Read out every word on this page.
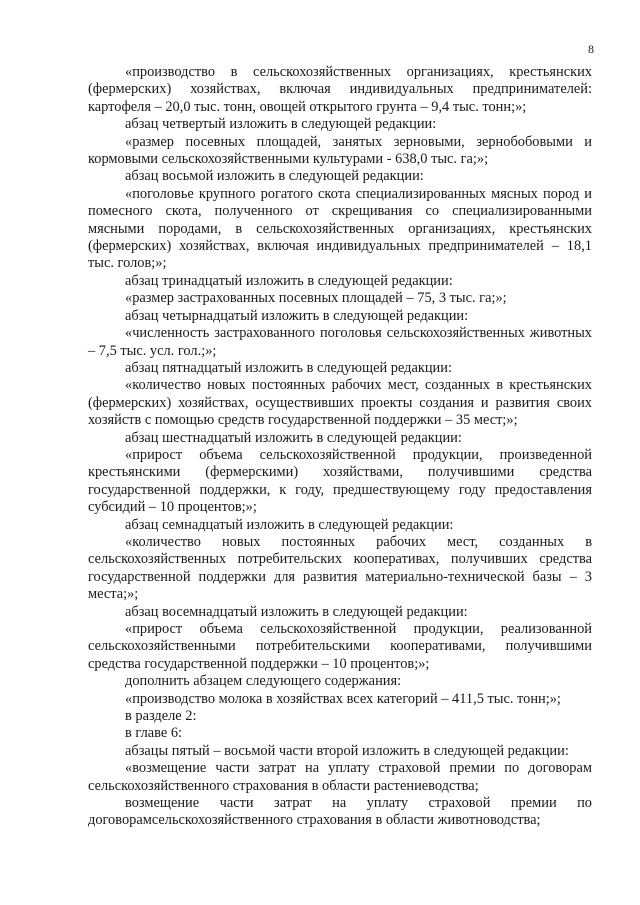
8

«производство в сельскохозяйственных организациях, крестьянских (фермерских) хозяйствах, включая индивидуальных предпринимателей: картофеля – 20,0 тыс. тонн, овощей открытого грунта – 9,4 тыс. тонн;»;

абзац четвертый изложить в следующей редакции:

«размер посевных площадей, занятых зерновыми, зернобобовыми и кормовыми сельскохозяйственными культурами - 638,0 тыс. га;»;

абзац восьмой изложить в следующей редакции:

«поголовье крупного рогатого скота специализированных мясных пород и помесного скота, полученного от скрещивания со специализированными мясными породами, в сельскохозяйственных организациях, крестьянских (фермерских) хозяйствах, включая индивидуальных предпринимателей – 18,1 тыс. голов;»;

абзац тринадцатый изложить в следующей редакции:

«размер застрахованных посевных площадей – 75, 3 тыс. га;»;

абзац четырнадцатый изложить в следующей редакции:

«численность застрахованного поголовья сельскохозяйственных животных – 7,5 тыс. усл. гол.;»;

абзац пятнадцатый изложить в следующей редакции:

«количество новых постоянных рабочих мест, созданных в крестьянских (фермерских) хозяйствах, осуществивших проекты создания и развития своих хозяйств с помощью средств государственной поддержки – 35 мест;»;

абзац шестнадцатый изложить в следующей редакции:

«прирост объема сельскохозяйственной продукции, произведенной крестьянскими (фермерскими) хозяйствами, получившими средства государственной поддержки, к году, предшествующему году предоставления субсидий – 10 процентов;»;

абзац семнадцатый изложить в следующей редакции:

«количество новых постоянных рабочих мест, созданных в сельскохозяйственных потребительских кооперативах, получивших средства государственной поддержки для развития материально-технической базы – 3 места;»;

абзац восемнадцатый изложить в следующей редакции:

«прирост объема сельскохозяйственной продукции, реализованной сельскохозяйственными потребительскими кооперативами, получившими средства государственной поддержки – 10 процентов;»;

дополнить абзацем следующего содержания:

«производство молока в хозяйствах всех категорий – 411,5 тыс. тонн;»;

в разделе 2:

в главе 6:

абзацы пятый – восьмой части второй изложить в следующей редакции:

«возмещение части затрат на уплату страховой премии по договорам сельскохозяйственного страхования в области растениеводства;

возмещение части затрат на уплату страховой премии по договорамсельскохозяйственного страхования в области животноводства;
